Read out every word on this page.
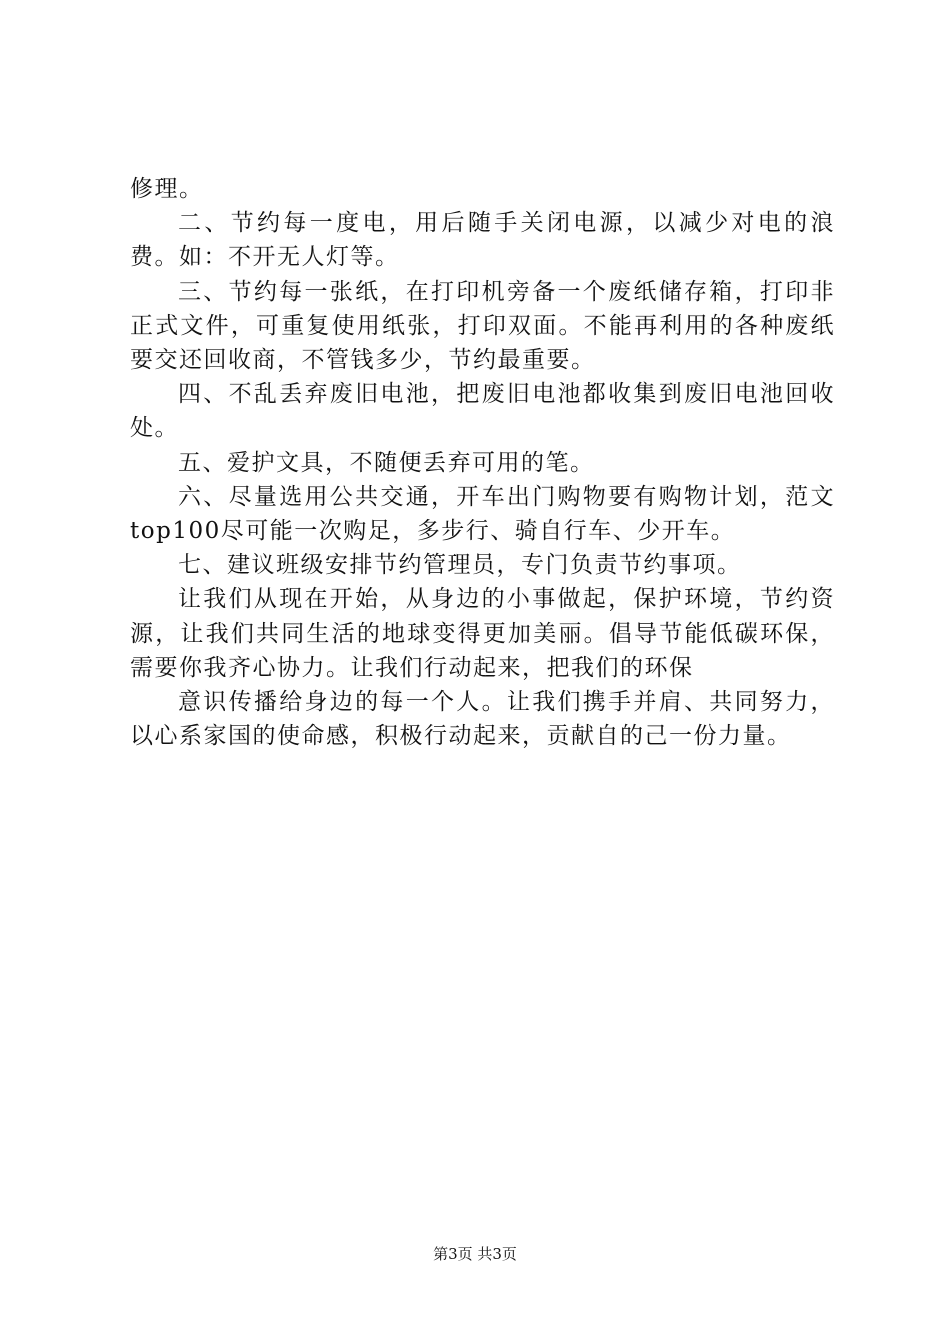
修理。

二、节约每一度电，用后随手关闭电源，以减少对电的浪费。如：不开无人灯等。

三、节约每一张纸，在打印机旁备一个废纸储存箱，打印非正式文件，可重复使用纸张，打印双面。不能再利用的各种废纸要交还回收商，不管钱多少，节约最重要。

四、不乱丢弃废旧电池，把废旧电池都收集到废旧电池回收处。

五、爱护文具，不随便丢弃可用的笔。

六、尽量选用公共交通，开车出门购物要有购物计划，范文top100尽可能一次购足，多步行、骑自行车、少开车。

七、建议班级安排节约管理员，专门负责节约事项。

让我们从现在开始，从身边的小事做起，保护环境，节约资源，让我们共同生活的地球变得更加美丽。倡导节能低碳环保，需要你我齐心协力。让我们行动起来，把我们的环保

意识传播给身边的每一个人。让我们携手并肩、共同努力，以心系家国的使命感，积极行动起来，贡献自的己一份力量。

第3页 共3页
